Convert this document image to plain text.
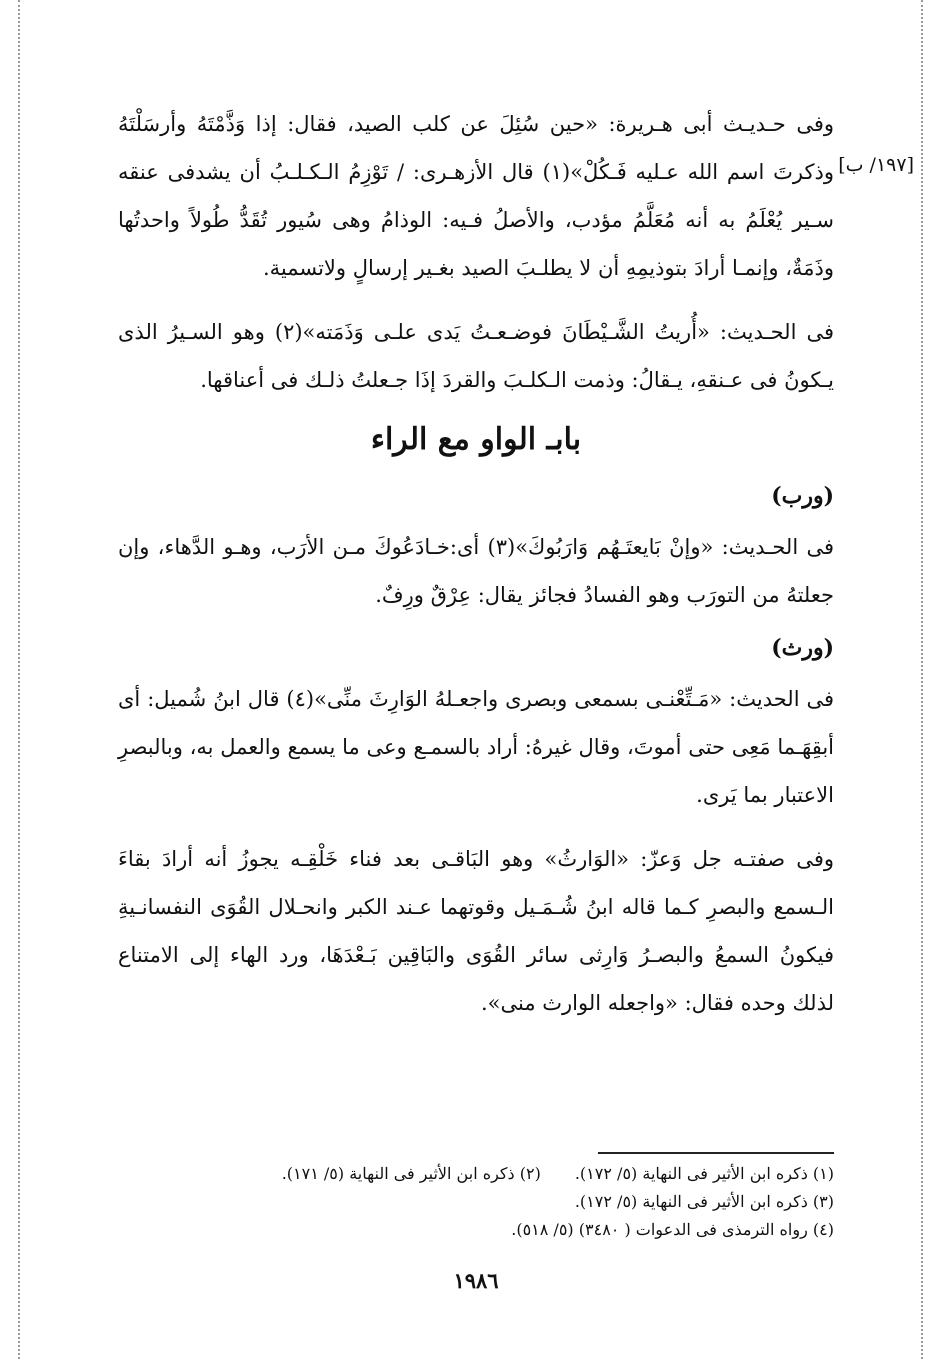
[١٩٧/ ب]

وفى حـديـث أبى هـريرة: «حين سُئِلَ عن كلب الصيد، فقال: إذا وَذَّمْتَهُ وأرسَلْتَهُ وذكرتَ اسم الله عـليه فَـكُلْ»(١) قال الأزهـرى: / تَوْزِمُ الـكـلـبُ أن يشدفى عنقه سـير يُعْلَمُ به أنه مُعَلَّمُ مؤدب، والأصلُ فـيه: الوذامُ وهى سُيور تُقَدُّ طُولاً واحدتُها وذَمَةٌ، وإنمـا أرادَ بتوذيمِهِ أن لا يطلـبَ الصيد بغـير إرسالٍ ولاتسمية.

فى الحـديث: «أُريتُ الشَّـيْطَانَ فوضـعـتُ يَدى علـى وَذَمَته»(٢) وهو السـيرُ الذى يـكونُ فى عـنقهِ، يـقالُ: وذمت الـكلـبَ والقردَ إذَا جـعلتُ ذلـك فى أعناقها.

بابـ الواو مع الراء
(ورب)

فى الحـديث: «وإنْ بَايعتَـهُم وَارَبُوكَ»(٣) أى:خـادَعُوكَ مـن الأرَب، وهـو الدَّهاء، وإن جعلتهُ من التورَب وهو الفسادُ فجائز يقال: عِرْقٌ ورِفٌ.

(ورث)

فى الحديث: «مَـتِّعْنـى بسمعى وبصرى واجعـلهُ الوَارِثَ منِّى»(٤) قال ابنُ شُميل: أى أبقِهَـما مَعِى حتى أموتَ، وقال غيرهُ: أراد بالسمـع وعى ما يسمع والعمل به، وبالبصرِ الاعتبار بما يَرى.

وفى صفتـه جل وَعزّ: «الوَارثُ» وهو البَاقـى بعد فناء خَلْقِـه يجوزُ أنه أرادَ بقاءَ الـسمع والبصرِ كـما قاله ابنُ شُـمَـيل وقوتهما عـند الكبر وانحـلال القُوَى النفسانـيةِ فيكونُ السمعُ والبصـرُ وَارِثى سائر القُوَى والبَاقِين بَـعْدَهَا، ورد الهاء إلى الامتناع لذلك وحده فقال: «واجعله الوارث منى».

(١) ذكره ابن الأثير فى النهاية (٥/ ١٧٢).
(٢) ذكره ابن الأثير فى النهاية (٥/ ١٧١).
(٣) ذكره ابن الأثير فى النهاية (٥/ ١٧٢).
(٤) رواه الترمذى فى الدعوات ( ٣٤٨٠) (٥/ ٥١٨).
١٩٨٦
